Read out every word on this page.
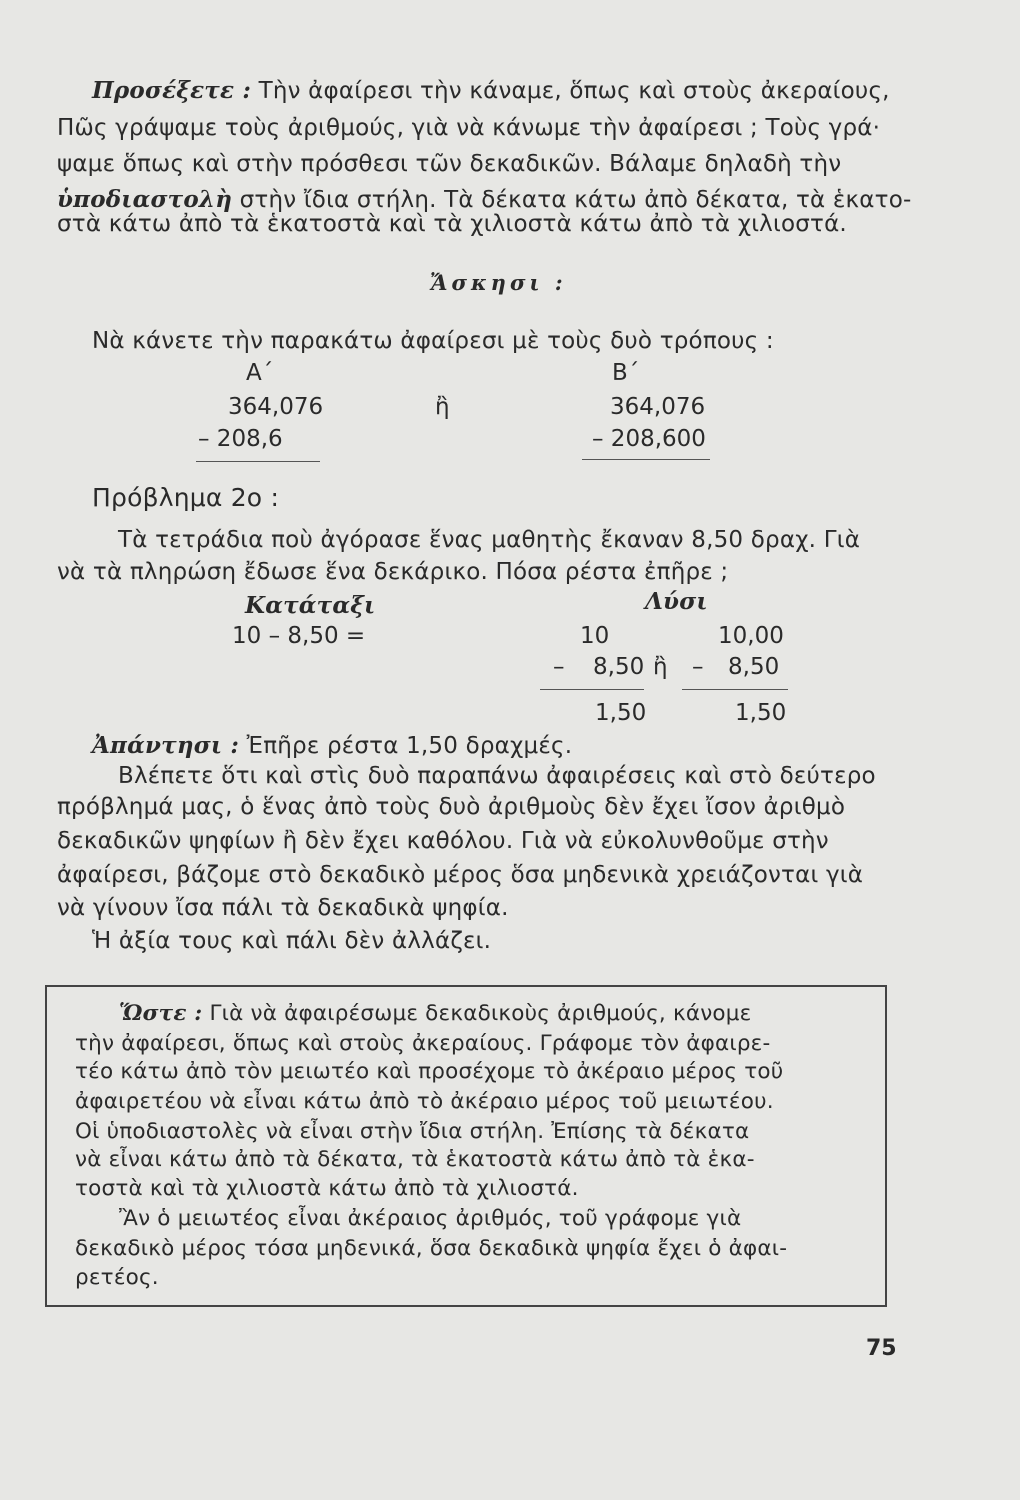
Προσέξετε : Τὴν ἀφαίρεσι τὴν κάναμε, ὅπως καὶ στοὺς ἀκεραίους,
Πῶς γράψαμε τοὺς ἀριθμούς, γιὰ νὰ κάνωμε τὴν ἀφαίρεσι ; Τοὺς γρά·
ψαμε ὅπως καὶ στὴν πρόσθεσι τῶν δεκαδικῶν. Βάλαμε δηλαδὴ τὴν
ὑποδιαστολὴ στὴν ἴδια στήλη. Τὰ δέκατα κάτω ἀπὸ δέκατα, τὰ ἑκατο-
στὰ κάτω ἀπὸ τὰ ἑκατοστὰ καὶ τὰ χιλιοστὰ κάτω ἀπὸ τὰ χιλιοστά.
Ἄσκησι :
Νὰ κάνετε τὴν παρακάτω ἀφαίρεσι μὲ τοὺς δυὸ τρόπους :
Α΄	Β΄
364,076	ἢ	364,076
– 208,6	– 208,600
Πρόβλημα 2ο :
Τὰ τετράδια ποὺ ἀγόρασε ἕνας μαθητὴς ἔκαναν 8,50 δραχ. Γιὰ
νὰ τὰ πληρώση ἔδωσε ἕνα δεκάρικο. Πόσα ρέστα ἐπῆρε ;
Κατάταξι	Λύσι
10 – 8,50 =	10	10,00
– 8,50 ἢ – 8,50
1,50	1,50
Ἀπάντησι : Ἐπῆρε ρέστα 1,50 δραχμές.
Βλέπετε ὅτι καὶ στὶς δυὸ παραπάνω ἀφαιρέσεις καὶ στὸ δεύτερο
πρόβλημά μας, ὁ ἕνας ἀπὸ τοὺς δυὸ ἀριθμοὺς δὲν ἔχει ἴσον ἀριθμὸ
δεκαδικῶν ψηφίων ἢ δὲν ἔχει καθόλου. Γιὰ νὰ εὐκολυνθοῦμε στὴν
ἀφαίρεσι, βάζομε στὸ δεκαδικὸ μέρος ὅσα μηδενικὰ χρειάζονται γιὰ
νὰ γίνουν ἴσα πάλι τὰ δεκαδικὰ ψηφία.
Ἡ ἀξία τους καὶ πάλι δὲν ἀλλάζει.
Ὥστε : Γιὰ νὰ ἀφαιρέσωμε δεκαδικοὺς ἀριθμούς, κάνομε
τὴν ἀφαίρεσι, ὅπως καὶ στοὺς ἀκεραίους. Γράφομε τὸν ἀφαιρε-
τέο κάτω ἀπὸ τὸν μειωτέο καὶ προσέχομε τὸ ἀκέραιο μέρος τοῦ
ἀφαιρετέου νὰ εἶναι κάτω ἀπὸ τὸ ἀκέραιο μέρος τοῦ μειωτέου.
Οἱ ὑποδιαστολὲς νὰ εἶναι στὴν ἴδια στήλη. Ἐπίσης τὰ δέκατα
νὰ εἶναι κάτω ἀπὸ τὰ δέκατα, τὰ ἑκατοστὰ κάτω ἀπὸ τὰ ἑκα-
τοστὰ καὶ τὰ χιλιοστὰ κάτω ἀπὸ τὰ χιλιοστά.
Ἂν ὁ μειωτέος εἶναι ἀκέραιος ἀριθμός, τοῦ γράφομε γιὰ
δεκαδικὸ μέρος τόσα μηδενικά, ὅσα δεκαδικὰ ψηφία ἔχει ὁ ἀφαι-
ρετέος.
75
